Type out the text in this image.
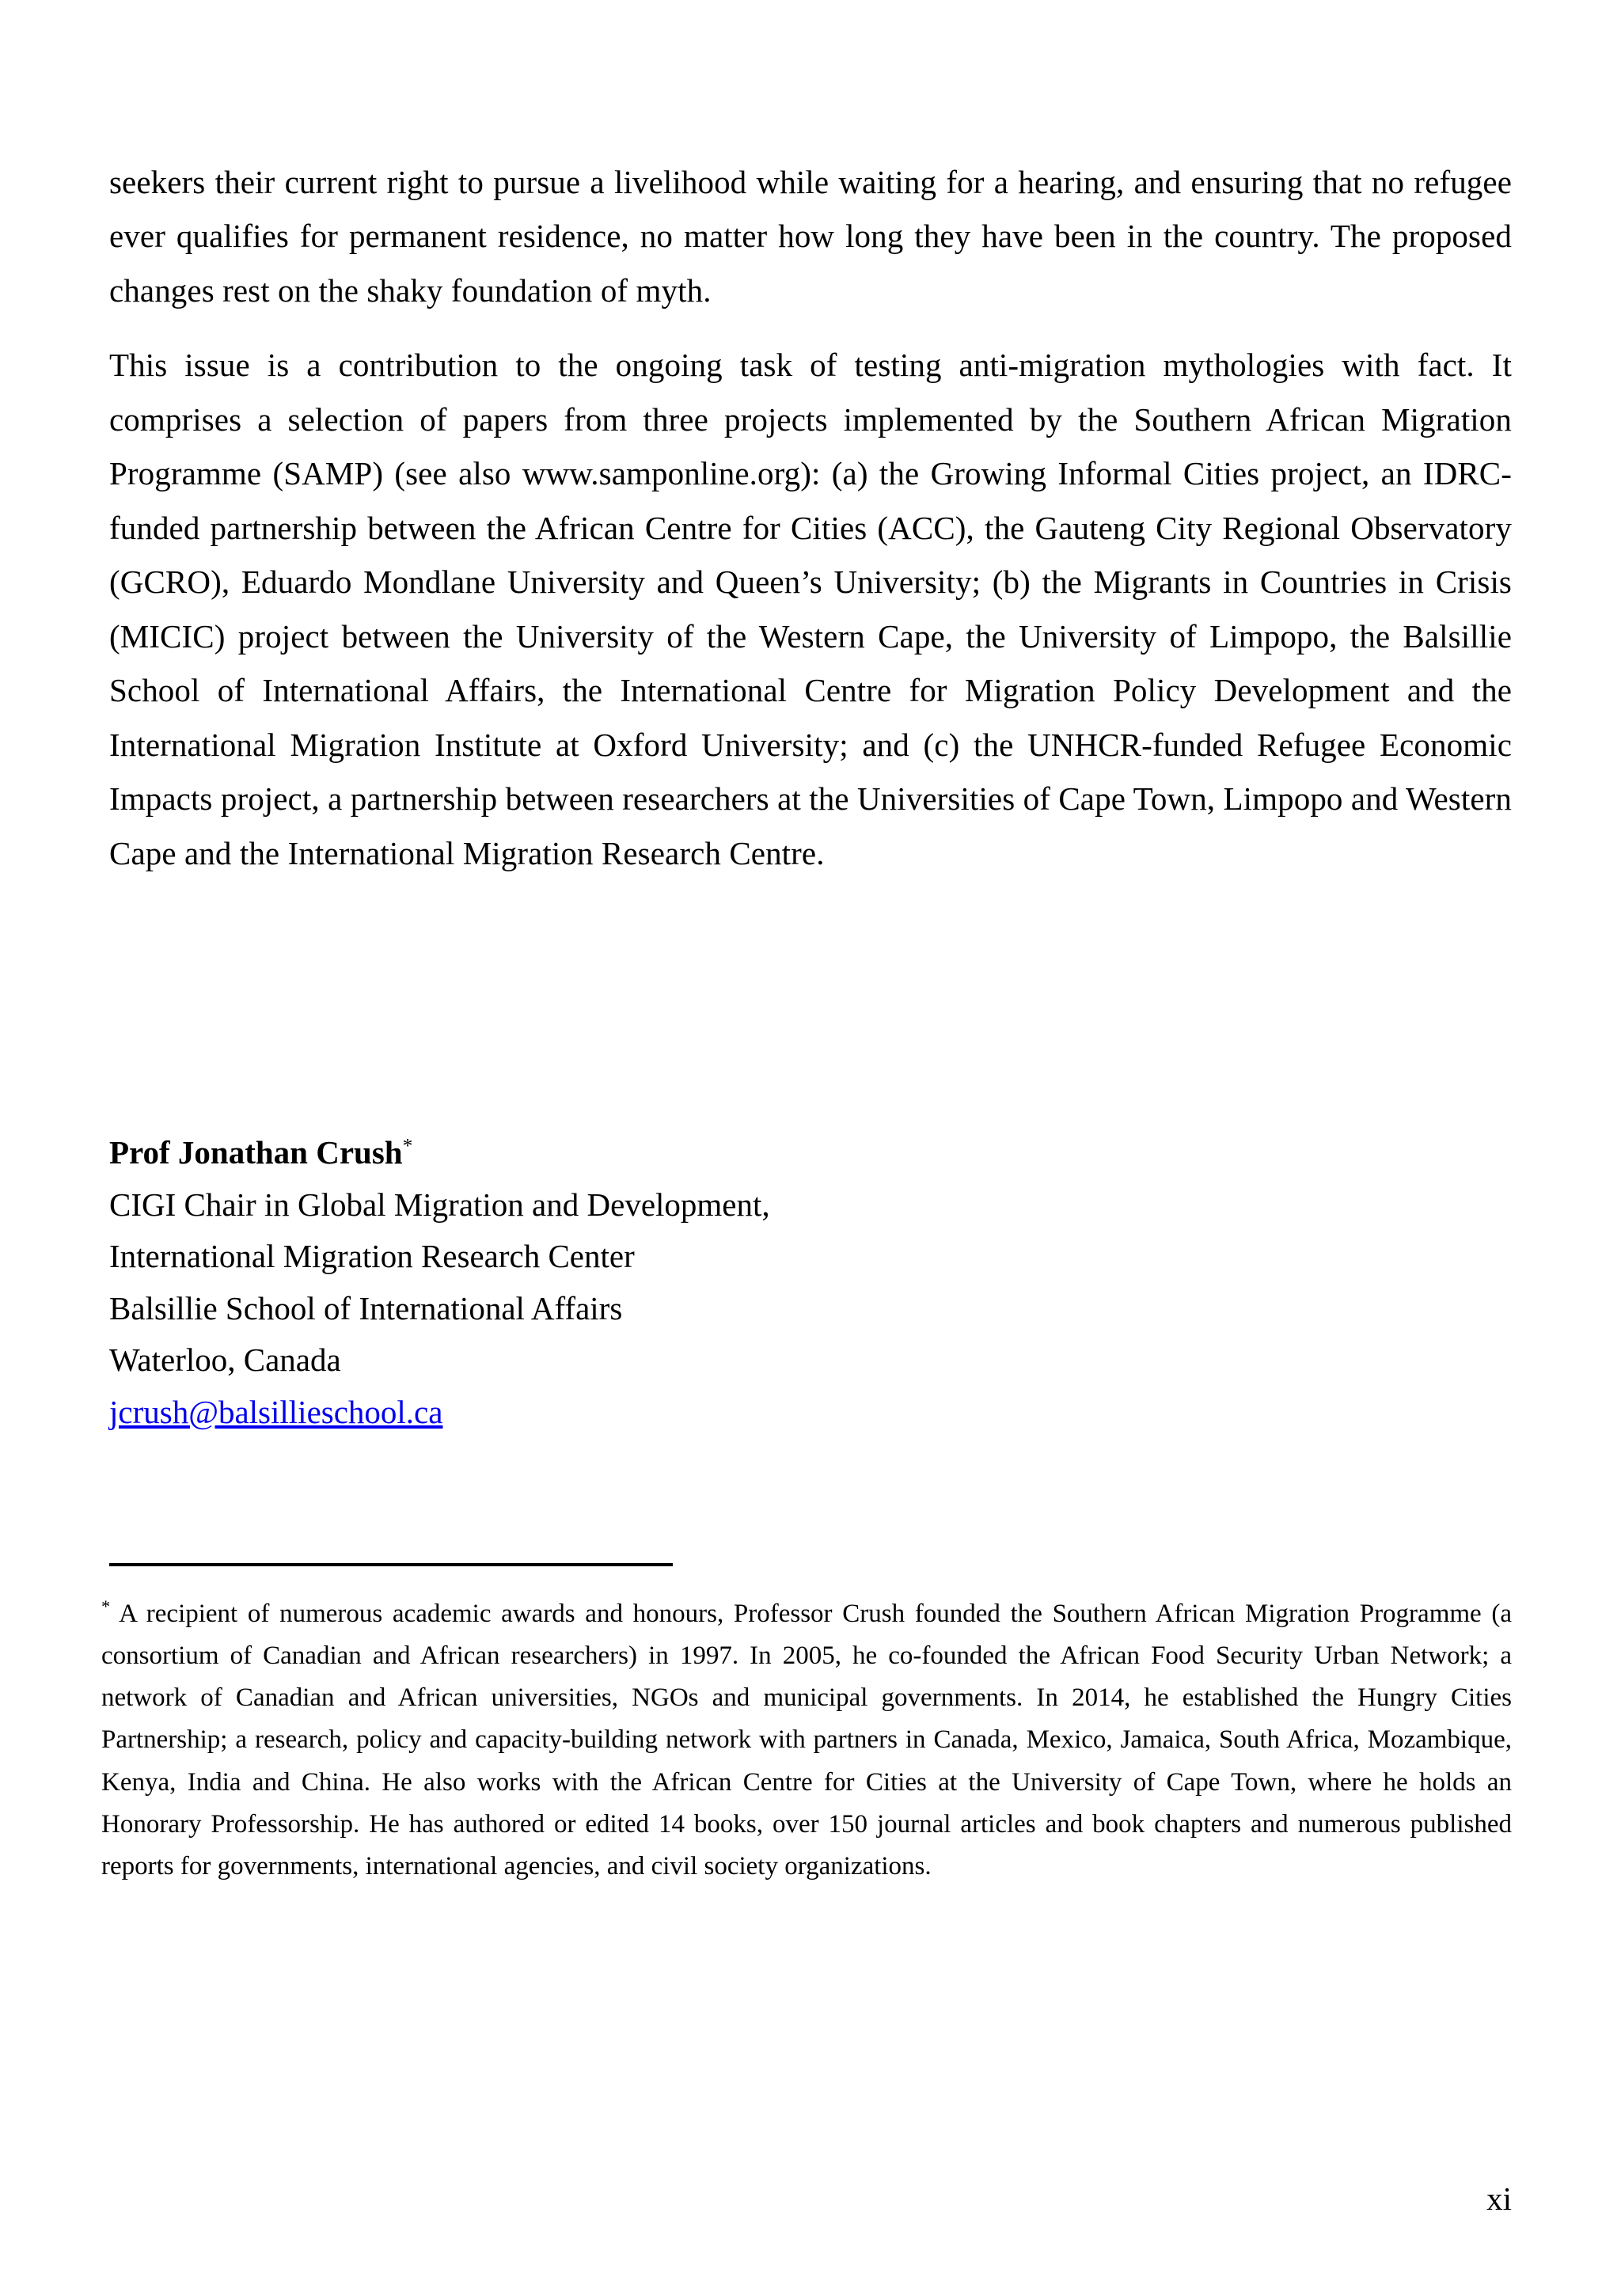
seekers their current right to pursue a livelihood while waiting for a hearing, and ensuring that no refugee ever qualifies for permanent residence, no matter how long they have been in the country. The proposed changes rest on the shaky foundation of myth.

This issue is a contribution to the ongoing task of testing anti-migration mythologies with fact. It comprises a selection of papers from three projects implemented by the Southern African Migration Programme (SAMP) (see also www.samponline.org): (a) the Growing Informal Cities project, an IDRC-funded partnership between the African Centre for Cities (ACC), the Gauteng City Regional Observatory (GCRO), Eduardo Mondlane University and Queen’s University; (b) the Migrants in Countries in Crisis (MICIC) project between the University of the Western Cape, the University of Limpopo, the Balsillie School of International Affairs, the International Centre for Migration Policy Development and the International Migration Institute at Oxford University; and (c) the UNHCR-funded Refugee Economic Impacts project, a partnership between researchers at the Universities of Cape Town, Limpopo and Western Cape and the International Migration Research Centre.

Prof Jonathan Crush*
CIGI Chair in Global Migration and Development,
International Migration Research Center
Balsillie School of International Affairs
Waterloo, Canada
jcrush@balsillieschool.ca

* A recipient of numerous academic awards and honours, Professor Crush founded the Southern African Migration Programme (a consortium of Canadian and African researchers) in 1997. In 2005, he co-founded the African Food Security Urban Network; a network of Canadian and African universities, NGOs and municipal governments. In 2014, he established the Hungry Cities Partnership; a research, policy and capacity-building network with partners in Canada, Mexico, Jamaica, South Africa, Mozambique, Kenya, India and China. He also works with the African Centre for Cities at the University of Cape Town, where he holds an Honorary Professorship. He has authored or edited 14 books, over 150 journal articles and book chapters and numerous published reports for governments, international agencies, and civil society organizations.

xi
